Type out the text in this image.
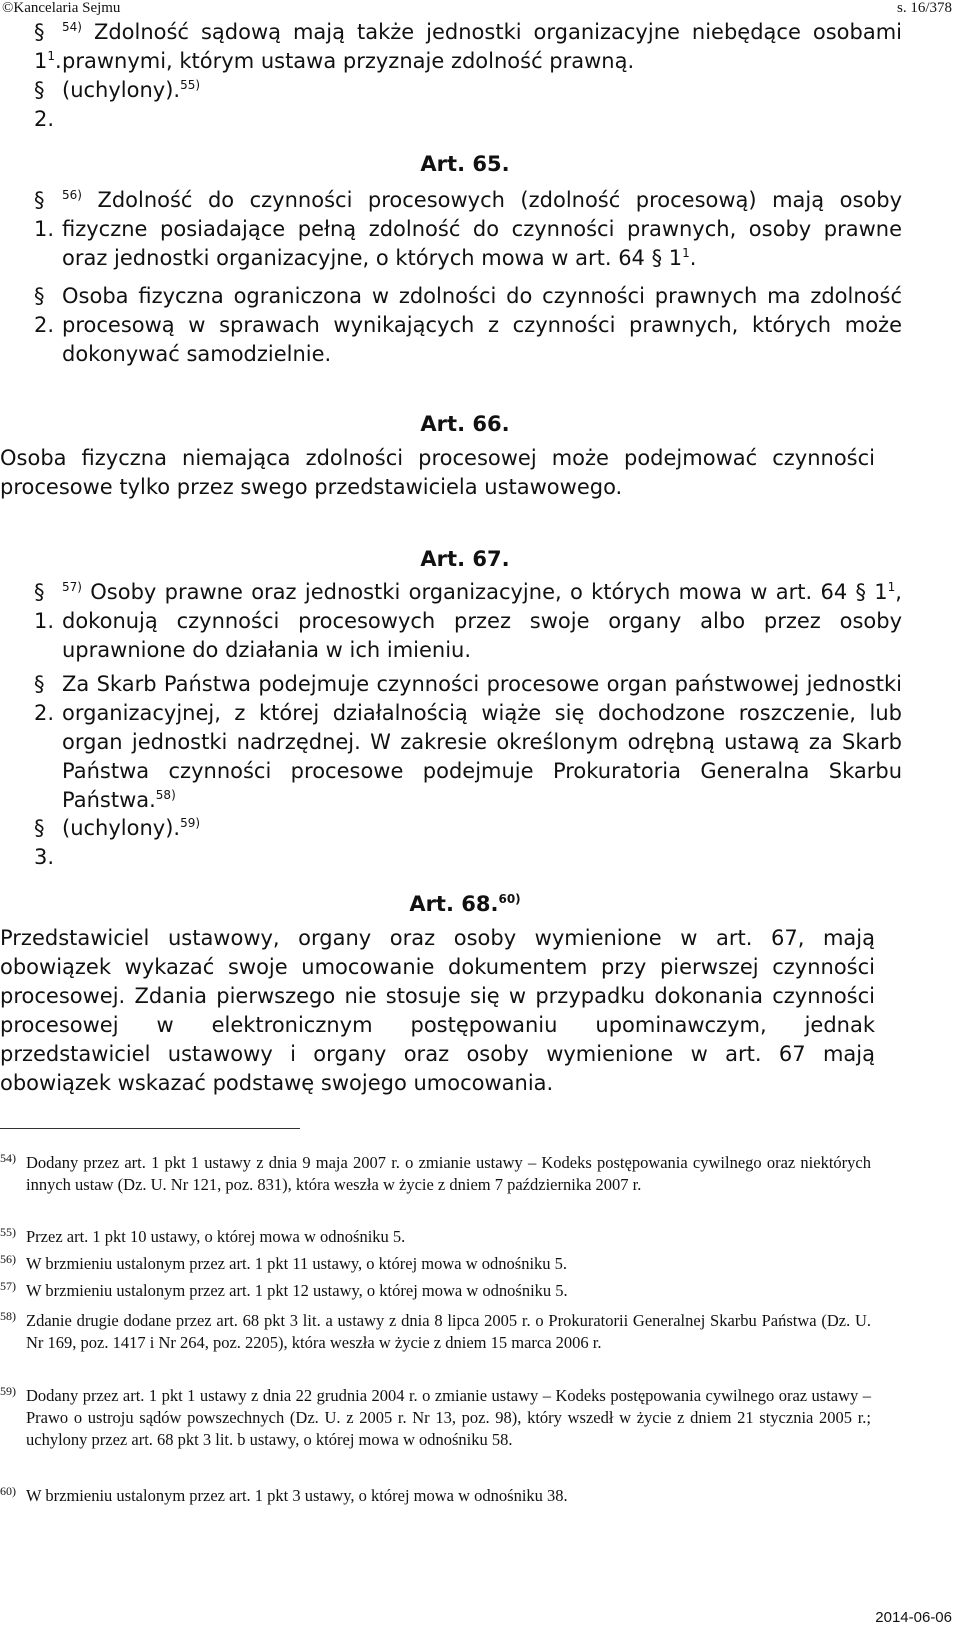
©Kancelaria Sejmu	s. 16/378
§ $1^1$.
$^{54)}$ Zdolność sądową mają także jednostki organizacyjne niebędące osobami prawnymi, którym ustawa przyznaje zdolność prawną.
§ 2.
(uchylony).$^{55)}$
Art. 65.
§ 1.
$^{56)}$ Zdolność do czynności procesowych (zdolność procesową) mają osoby fizyczne posiadające pełną zdolność do czynności prawnych, osoby prawne oraz jednostki organizacyjne, o których mowa w art. 64 § $1^1$.
§ 2.
Osoba fizyczna ograniczona w zdolności do czynności prawnych ma zdolność procesową w sprawach wynikających z czynności prawnych, których może dokonywać samodzielnie.
Art. 66.
Osoba fizyczna niemająca zdolności procesowej może podejmować czynności procesowe tylko przez swego przedstawiciela ustawowego.
Art. 67.
§ 1.
$^{57)}$ Osoby prawne oraz jednostki organizacyjne, o których mowa w art. 64 § $1^1$, dokonują czynności procesowych przez swoje organy albo przez osoby uprawnione do działania w ich imieniu.
§ 2.
Za Skarb Państwa podejmuje czynności procesowe organ państwowej jednostki organizacyjnej, z której działalnością wiąże się dochodzone roszczenie, lub organ jednostki nadrzędnej. W zakresie określonym odrębną ustawą za Skarb Państwa czynności procesowe podejmuje Prokuratoria Generalna Skarbu Państwa.$^{58)}$
§ 3.
(uchylony).$^{59)}$
Art. 68.$^{60)}$
Przedstawiciel ustawowy, organy oraz osoby wymienione w art. 67, mają obowiązek wykazać swoje umocowanie dokumentem przy pierwszej czynności procesowej. Zdania pierwszego nie stosuje się w przypadku dokonania czynności procesowej w elektronicznym postępowaniu upominawczym, jednak przedstawiciel ustawowy i organy oraz osoby wymienione w art. 67 mają obowiązek wskazać podstawę swojego umocowania.
54) Dodany przez art. 1 pkt 1 ustawy z dnia 9 maja 2007 r. o zmianie ustawy – Kodeks postępowania cywilnego oraz niektórych innych ustaw (Dz. U. Nr 121, poz. 831), która weszła w życie z dniem 7 października 2007 r.
55) Przez art. 1 pkt 10 ustawy, o której mowa w odnośniku 5.
56) W brzmieniu ustalonym przez art. 1 pkt 11 ustawy, o której mowa w odnośniku 5.
57) W brzmieniu ustalonym przez art. 1 pkt 12 ustawy, o której mowa w odnośniku 5.
58) Zdanie drugie dodane przez art. 68 pkt 3 lit. a ustawy z dnia 8 lipca 2005 r. o Prokuratorii Generalnej Skarbu Państwa (Dz. U. Nr 169, poz. 1417 i Nr 264, poz. 2205), która weszła w życie z dniem 15 marca 2006 r.
59) Dodany przez art. 1 pkt 1 ustawy z dnia 22 grudnia 2004 r. o zmianie ustawy – Kodeks postępowania cywilnego oraz ustawy – Prawo o ustroju sądów powszechnych (Dz. U. z 2005 r. Nr 13, poz. 98), który wszedł w życie z dniem 21 stycznia 2005 r.; uchylony przez art. 68 pkt 3 lit. b ustawy, o której mowa w odnośniku 58.
60) W brzmieniu ustalonym przez art. 1 pkt 3 ustawy, o której mowa w odnośniku 38.
2014-06-06
